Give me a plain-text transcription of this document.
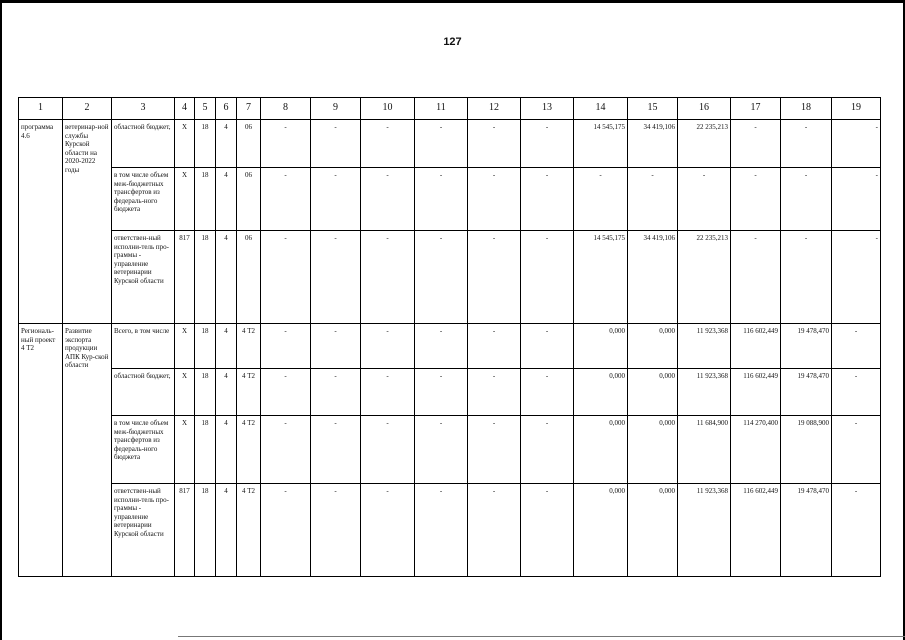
127
1	2	3	4	5	6	7	8	9	10	11	12	13	14	15	16	17	18	19
программа 4.6	ветеринар-ной службы Курской области на 2020-2022 годы	областной бюджет,	Х	18	4	06	-	-	-	-	-	-	14 545,175	34 419,106	22 235,213	-	-	-
		в том числе объем меж-бюджетных трансфертов из федераль-ного бюджета	Х	18	4	06	-	-	-	-	-	-	-	-	-	-	-	-
		ответствен-ный исполни-тель про-граммы - управление ветеринарии Курской области	817	18	4	06	-	-	-	-	-	-	14 545,175	34 419,106	22 235,213	-	-	-
Региональ-ный проект 4 Т2	Развитие экспорта продукции АПК Кур-ской области	Всего, в том числе	Х	18	4	4 Т2	-	-	-	-	-	-	0,000	0,000	11 923,368	116 602,449	19 478,470	-
		областной бюджет,	Х	18	4	4 Т2	-	-	-	-	-	-	0,000	0,000	11 923,368	116 602,449	19 478,470	-
		в том числе объем меж-бюджетных трансфертов из федераль-ного бюджета	Х	18	4	4 Т2	-	-	-	-	-	-	0,000	0,000	11 684,900	114 270,400	19 088,900	-
		ответствен-ный исполни-тель про-граммы - управление ветеринарии Курской области	817	18	4	4 Т2	-	-	-	-	-	-	0,000	0,000	11 923,368	116 602,449	19 478,470	-
